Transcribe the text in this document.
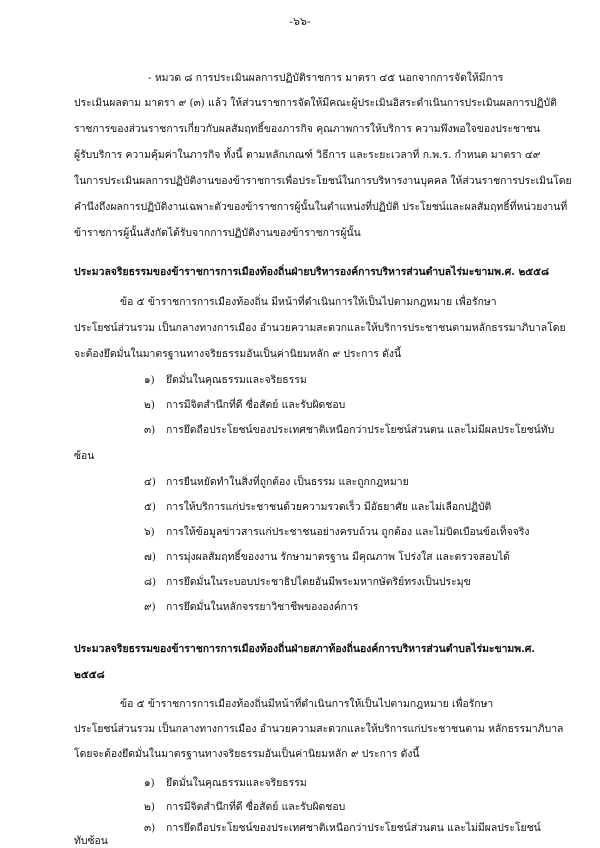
-๖๖-
- หมวด ๘ การประเมินผลการปฏิบัติราชการ มาตรา ๔๕ นอกจากการจัดให้มีการ
ประเมินผลตาม มาตรา ๙ (๓) แล้ว ให้ส่วนราชการจัดให้มีคณะผู้ประเมินอิสระดำเนินการประเมินผลการปฏิบัติ
ราชการของส่วนราชการเกี่ยวกับผลสัมฤทธิ์ของภารกิจ คุณภาพการให้บริการ ความพึงพอใจของประชาชน
ผู้รับบริการ ความคุ้มค่าในภารกิจ ทั้งนี้ ตามหลักเกณฑ์ วิธีการ และระยะเวลาที่ ก.พ.ร. กำหนด มาตรา ๔๙
ในการประเมินผลการปฏิบัติงานของข้าราชการเพื่อประโยชน์ในการบริหารงานบุคคล ให้ส่วนราชการประเมินโดย
คำนึงถึงผลการปฏิบัติงานเฉพาะตัวของข้าราชการผู้นั้นในตำแหน่งที่ปฏิบัติ ประโยชน์และผลสัมฤทธิ์ที่หน่วยงานที่
ข้าราชการผู้นั้นสังกัดได้รับจากการปฏิบัติงานของข้าราชการผู้นั้น
ประมวลจริยธรรมของข้าราชการการเมืองท้องถิ่นฝ่ายบริหารองค์การบริหารส่วนตำบลไร่มะขามพ.ศ. ๒๕๕๘
ข้อ ๕ ข้าราชการการเมืองท้องถิ่น มีหน้าที่ดำเนินการให้เป็นไปตามกฎหมาย เพื่อรักษา
ประโยชน์ส่วนรวม เป็นกลางทางการเมือง อำนวยความสะดวกและให้บริการประชาชนตามหลักธรรมาภิบาลโดย
จะต้องยึดมั่นในมาตรฐานทางจริยธรรมอันเป็นค่านิยมหลัก ๙ ประการ ดังนี้
๑) ยึดมั่นในคุณธรรมและจริยธรรม
๒) การมีจิตสำนึกที่ดี ซื่อสัตย์ และรับผิดชอบ
๓) การยึดถือประโยชน์ของประเทศชาติเหนือกว่าประโยชน์ส่วนตน และไม่มีผลประโยชน์ทับ
ซ้อน
๔) การยืนหยัดทำในสิ่งที่ถูกต้อง เป็นธรรม และถูกกฎหมาย
๕) การให้บริการแก่ประชาชนด้วยความรวดเร็ว มีอัธยาศัย และไม่เลือกปฏิบัติ
๖) การให้ข้อมูลข่าวสารแก่ประชาชนอย่างครบถ้วน ถูกต้อง และไม่บิดเบือนข้อเท็จจริง
๗) การมุ่งผลสัมฤทธิ์ของงาน รักษามาตรฐาน มีคุณภาพ โปร่งใส และตรวจสอบได้
๘) การยึดมั่นในระบอบประชาธิปไตยอันมีพระมหากษัตริย์ทรงเป็นประมุข
๙) การยึดมั่นในหลักจรรยาวิชาชีพขององค์การ
ประมวลจริยธรรมของข้าราชการการเมืองท้องถิ่นฝ่ายสภาท้องถิ่นองค์การบริหารส่วนตำบลไร่มะขามพ.ศ.
๒๕๕๘
ข้อ ๕ ข้าราชการการเมืองท้องถิ่นมีหน้าที่ดำเนินการให้เป็นไปตามกฎหมาย เพื่อรักษา
ประโยชน์ส่วนรวม เป็นกลางทางการเมือง อำนวยความสะดวกและให้บริการแก่ประชาชนตาม หลักธรรมาภิบาล
โดยจะต้องยึดมั่นในมาตรฐานทางจริยธรรมอันเป็นค่านิยมหลัก ๙ ประการ ดังนี้
๑) ยึดมั่นในคุณธรรมและจริยธรรม
๒) การมีจิตสำนึกที่ดี ซื่อสัตย์ และรับผิดชอบ
๓) การยึดถือประโยชน์ของประเทศชาติเหนือกว่าประโยชน์ส่วนตน และไม่มีผลประโยชน์
ทับซ้อน
